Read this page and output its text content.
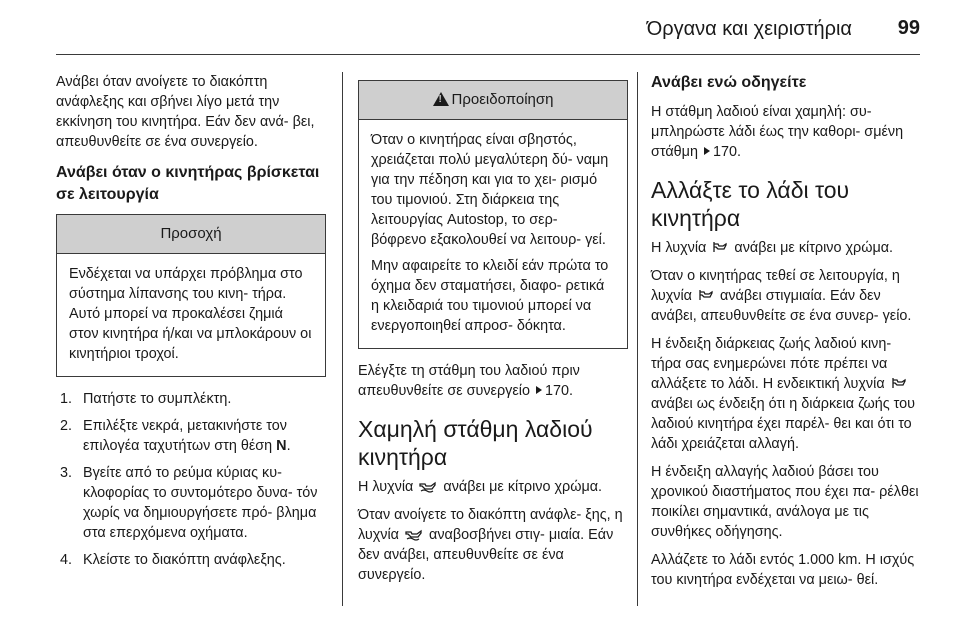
Όργανα και χειριστήρια 99

Ανάβει όταν ανοίγετε το διακόπτη ανάφλεξης και σβήνει λίγο μετά την εκκίνηση του κινητήρα. Εάν δεν ανά- βει, απευθυνθείτε σε ένα συνεργείο.

Ανάβει όταν ο κινητήρας βρίσκεται σε λειτουργία
Προσοχή

Ενδέχεται να υπάρχει πρόβλημα στο σύστημα λίπανσης του κινη- τήρα. Αυτό μπορεί να προκαλέσει ζημιά στον κινητήρα ή/και να μπλοκάρουν οι κινητήριοι τροχοί.

1. Πατήστε το συμπλέκτη.
2. Επιλέξτε νεκρά, μετακινήστε τον επιλογέα ταχυτήτων στη θέση N.
3. Βγείτε από το ρεύμα κύριας κυ- κλοφορίας το συντομότερο δυνα- τόν χωρίς να δημιουργήσετε πρό- βλημα στα επερχόμενα οχήματα.
4. Κλείστε το διακόπτη ανάφλεξης.
!Προειδοποίηση

Όταν ο κινητήρας είναι σβηστός, χρειάζεται πολύ μεγαλύτερη δύ- ναμη για την πέδηση και για το χει- ρισμό του τιμονιού. Στη διάρκεια της λειτουργίας Autostop, το σερ- βόφρενο εξακολουθεί να λειτουρ- γεί.

Μην αφαιρείτε το κλειδί εάν πρώτα το όχημα δεν σταματήσει, διαφο- ρετικά η κλειδαριά του τιμονιού μπορεί να ενεργοποιηθεί απροσ- δόκητα.

Ελέγξτε τη στάθμη του λαδιού πριν απευθυνθείτε σε συνεργείο 170.

Χαμηλή στάθμη λαδιού κινητήρα

Η λυχνία ανάβει με κίτρινο χρώμα.

Όταν ανοίγετε το διακόπτη ανάφλε- ξης, η λυχνία αναβοσβήνει στιγ- μιαία. Εάν δεν ανάβει, απευθυνθείτε σε ένα συνεργείο.

Ανάβει ενώ οδηγείτε

Η στάθμη λαδιού είναι χαμηλή: συ- μπληρώστε λάδι έως την καθορι- σμένη στάθμη 170.

Αλλάξτε το λάδι του κινητήρα

Η λυχνία ανάβει με κίτρινο χρώμα.

Όταν ο κινητήρας τεθεί σε λειτουργία, η λυχνία ανάβει στιγμιαία. Εάν δεν ανάβει, απευθυνθείτε σε ένα συνερ- γείο.

Η ένδειξη διάρκειας ζωής λαδιού κινη- τήρα σας ενημερώνει πότε πρέπει να αλλάξετε το λάδι. Η ενδεικτική λυχνία  ανάβει ως ένδειξη ότι η διάρκεια ζωής του λαδιού κινητήρα έχει παρέλ- θει και ότι το λάδι χρειάζεται αλλαγή.

Η ένδειξη αλλαγής λαδιού βάσει του χρονικού διαστήματος που έχει πα- ρέλθει ποικίλει σημαντικά, ανάλογα με τις συνθήκες οδήγησης.

Αλλάζετε το λάδι εντός 1.000 km. Η ισχύς του κινητήρα ενδέχεται να μειω- θεί.
